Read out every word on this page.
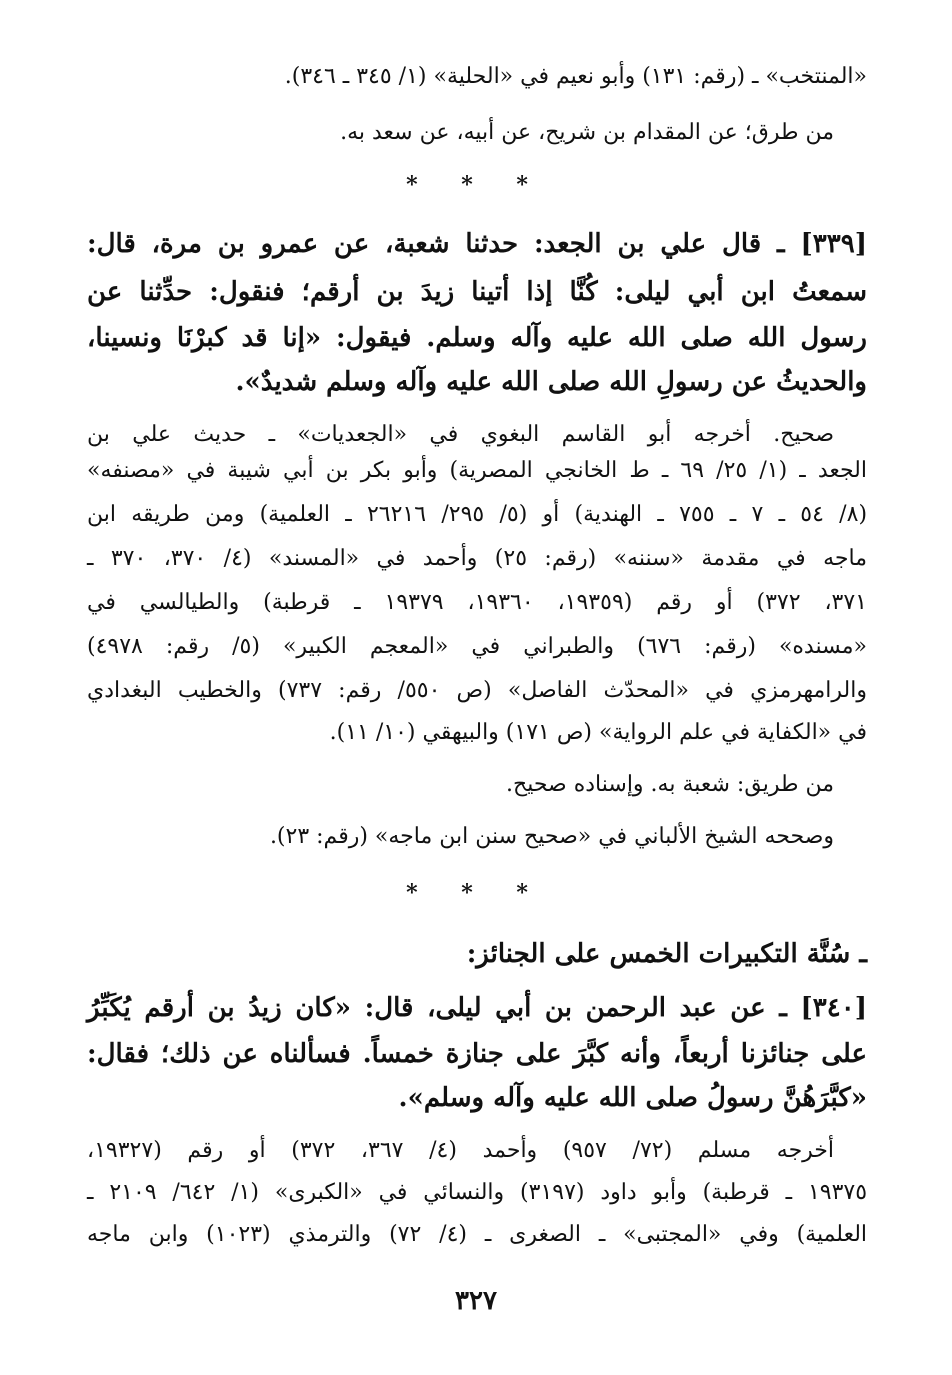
«المنتخب» ـ (رقم: ١٣١) وأبو نعيم في «الحلية» (١/ ٣٤٥ ـ ٣٤٦).
من طرق؛ عن المقدام بن شريح، عن أبيه، عن سعد به.
* * *
[٣٣٩] ـ قال علي بن الجعد: حدثنا شعبة، عن عمرو بن مرة، قال:
سمعتُ ابن أبي ليلى: كُنَّا إذا أتينا زيدَ بن أرقم؛ فنقول: حدِّثنا عن
رسول الله صلى الله عليه وآله وسلم. فيقول: «إنا قد كبرْنَا ونسينا،
والحديثُ عن رسولِ الله صلى الله عليه وآله وسلم شديدٌ».
صحيح. أخرجه أبو القاسم البغوي في «الجعديات» ـ حديث علي بن
الجعد ـ (١/ ٢٥/ ٦٩ ـ ط الخانجي المصرية) وأبو بكر بن أبي شيبة في «مصنفه»
(٨/ ٥٤ ـ ٧ ـ ٧٥٥ ـ الهندية) أو (٥/ ٢٩٥/ ٢٦٢١٦ ـ العلمية) ومن طريقه ابن
ماجه في مقدمة «سننه» (رقم: ٢٥) وأحمد في «المسند» (٤/ ٣٧٠، ٣٧٠ ـ
٣٧١، ٣٧٢) أو رقم (١٩٣٥٩، ١٩٣٦٠، ١٩٣٧٩ ـ قرطبة) والطيالسي في
«مسنده» (رقم: ٦٧٦) والطبراني في «المعجم الكبير» (٥/ رقم: ٤٩٧٨)
والرامهرمزي في «المحدّث الفاصل» (ص ٥٥٠/ رقم: ٧٣٧) والخطيب البغدادي
في «الكفاية في علم الرواية» (ص ١٧١) والبيهقي (١٠/ ١١).
من طريق: شعبة به. وإسناده صحيح.
وصححه الشيخ الألباني في «صحيح سنن ابن ماجه» (رقم: ٢٣).
* * *
ـ سُنَّة التكبيرات الخمس على الجنائز:
[٣٤٠] ـ عن عبد الرحمن بن أبي ليلى، قال: «كان زيدُ بن أرقم يُكَبِّرُ
على جنائزنا أربعاً، وأنه كبَّرَ على جنازة خمساً. فسألناه عن ذلك؛ فقال:
«كبَّرَهُنَّ رسولُ صلى الله عليه وآله وسلم».
أخرجه مسلم (٧٢/ ٩٥٧) وأحمد (٤/ ٣٦٧، ٣٧٢) أو رقم (١٩٣٢٧،
١٩٣٧٥ ـ قرطبة) وأبو داود (٣١٩٧) والنسائي في «الكبرى» (١/ ٦٤٢/ ٢١٠٩ ـ
العلمية) وفي «المجتبى» ـ الصغرى ـ (٤/ ٧٢) والترمذي (١٠٢٣) وابن ماجه
٣٢٧
